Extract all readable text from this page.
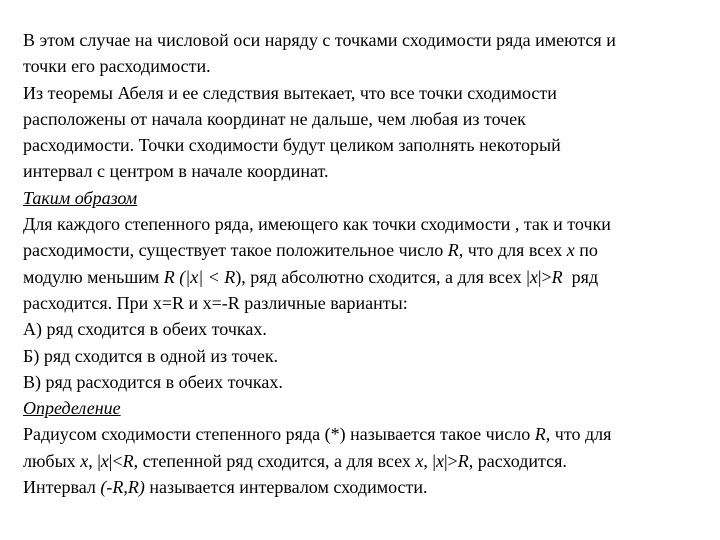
В этом случае на числовой оси наряду с точками сходимости ряда имеются и
точки его расходимости.
Из теоремы Абеля и ее следствия вытекает, что все точки сходимости
расположены от начала координат не дальше, чем любая из точек
расходимости. Точки сходимости будут целиком заполнять некоторый
интервал с центром в начале координат.
Таким образом
Для каждого степенного ряда, имеющего как точки сходимости , так и точки
расходимости, существует такое положительное число R, что для всех x по
модулю меньшим R (|x| < R), ряд абсолютно сходится, а для всех |x|>R  ряд
расходится. При x=R и x=-R различные варианты:
А) ряд сходится в обеих точках.
Б) ряд сходится в одной из точек.
В) ряд расходится в обеих точках.
Определение
Радиусом сходимости степенного ряда (*) называется такое число R, что для
любых x, |x|<R, степенной ряд сходится, а для всех x, |x|>R, расходится.
Интервал (-R,R) называется интервалом сходимости.
